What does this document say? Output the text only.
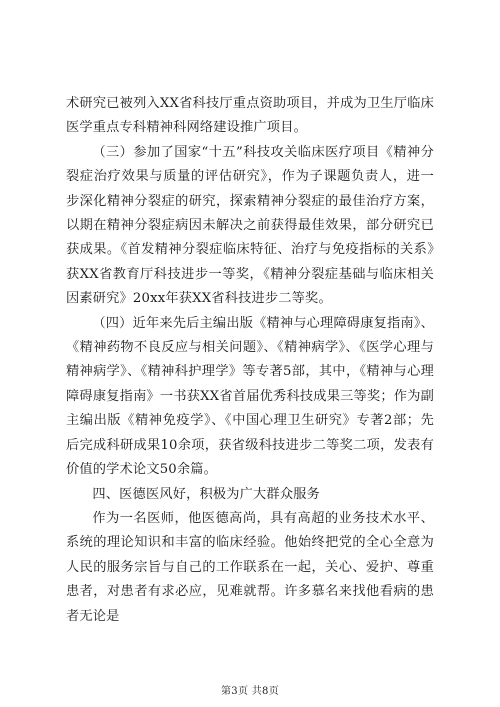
术研究已被列入XX省科技厅重点资助项目，并成为卫生厅临床医学重点专科精神科网络建设推广项目。

（三）参加了国家“十五”科技攻关临床医疗项目《精神分裂症治疗效果与质量的评估研究》，作为子课题负责人，进一步深化精神分裂症的研究，探索精神分裂症的最佳治疗方案，以期在精神分裂症病因未解决之前获得最佳效果，部分研究已获成果。《首发精神分裂症临床特征、治疗与免疫指标的关系》获XX省教育厅科技进步一等奖，《精神分裂症基础与临床相关因素研究》20xx年获XX省科技进步二等奖。

（四）近年来先后主编出版《精神与心理障碍康复指南》、《精神药物不良反应与相关问题》、《精神病学》、《医学心理与精神病学》、《精神科护理学》等专著5部，其中，《精神与心理障碍康复指南》一书获XX省首届优秀科技成果三等奖；作为副主编出版《精神免疫学》、《中国心理卫生研究》专著2部；先后完成科研成果10余项，获省级科技进步二等奖二项，发表有价值的学术论文50余篇。

四、医德医风好，积极为广大群众服务

作为一名医师，他医德高尚，具有高超的业务技术水平、系统的理论知识和丰富的临床经验。他始终把党的全心全意为人民的服务宗旨与自己的工作联系在一起，关心、爱护、尊重患者，对患者有求必应，见难就帮。许多慕名来找他看病的患者无论是

第3页 共8页
